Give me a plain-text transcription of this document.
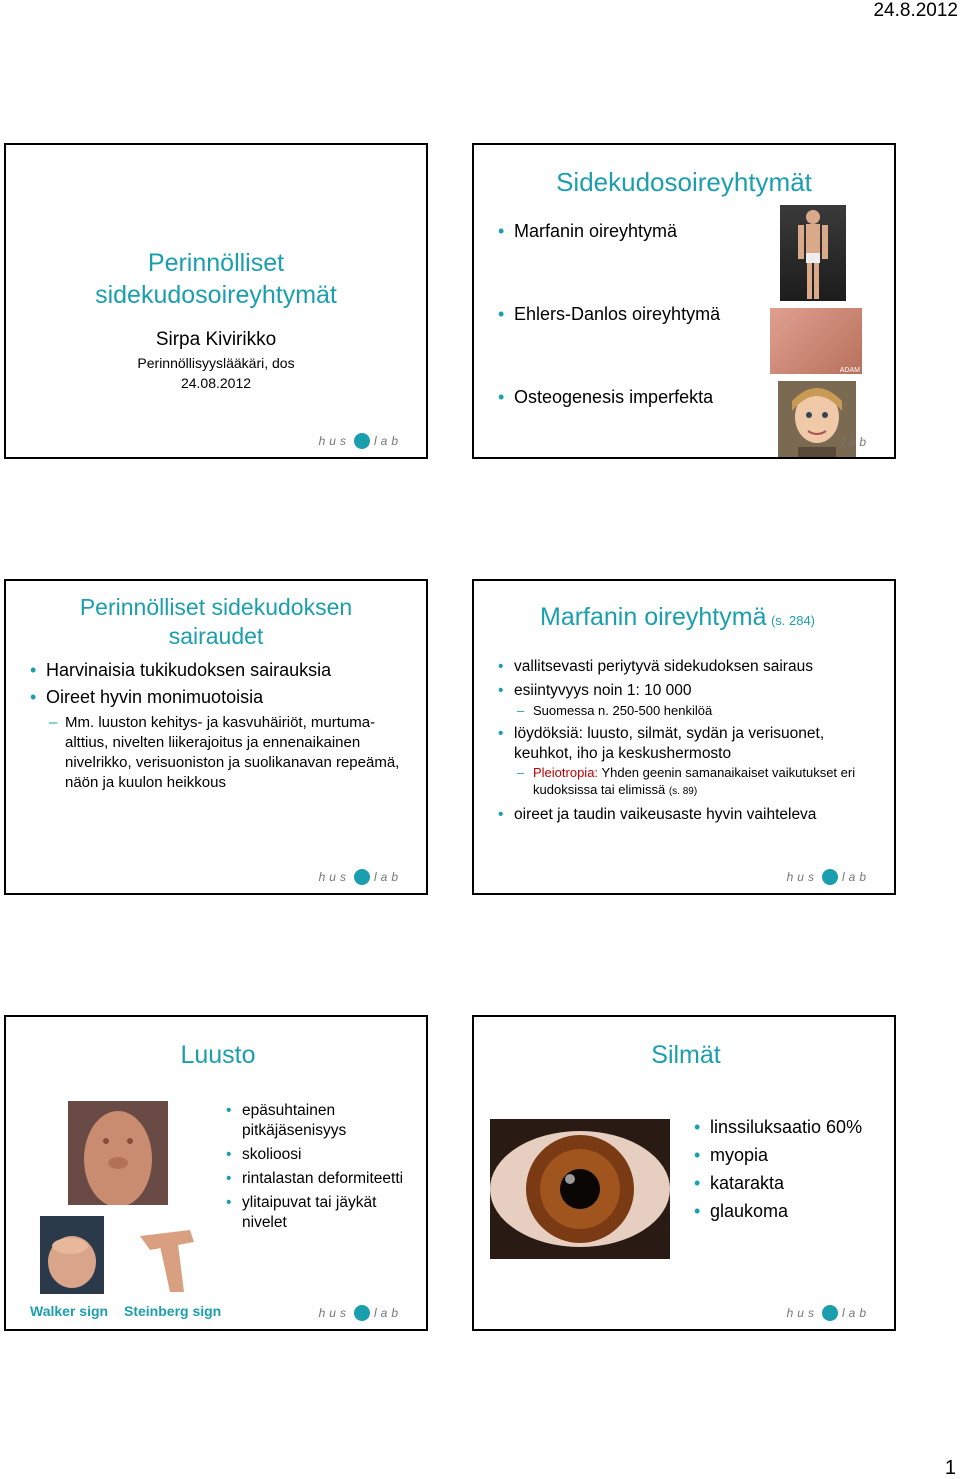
24.8.2012
Perinnölliset
sidekudosoireyhtymät
Sirpa Kivirikko
Perinnöllisyyslääkäri, dos
24.08.2012
hus lab
Sidekudosoireyhtymät
• Marfanin oireyhtymä
• Ehlers-Danlos oireyhtymä
• Osteogenesis imperfekta
ADAM
lab
Perinnölliset sidekudoksen
sairaudet
• Harvinaisia tukikudoksen sairauksia
• Oireet hyvin monimuotoisia
– Mm. luuston kehitys- ja kasvuhäiriöt, murtuma-alttius, nivelten liikerajoitus ja ennenaikainen nivelrikko, verisuoniston ja suolikanavan repeämä, näön ja kuulon heikkous
hus lab
Marfanin oireyhtymä (s. 284)
• vallitsevasti periytyvä sidekudoksen sairaus
• esiintyvyys noin 1: 10 000
– Suomessa n. 250-500 henkilöä
• löydöksiä: luusto, silmät, sydän ja verisuonet, keuhkot, iho ja keskushermosto
– Pleiotropia: Yhden geenin samanaikaiset vaikutukset eri kudoksissa tai elimissä (s. 89)
• oireet ja taudin vaikeusaste hyvin vaihteleva
hus lab
Luusto
• epäsuhtainen pitkäjäsenisyys
• skolioosi
• rintalastan deformiteetti
• ylitaipuvat tai jäykät nivelet
Walker sign Steinberg sign	hus lab
Silmät
• linssiluksaatio 60%
• myopia
• katarakta
• glaukoma
hus lab
1
